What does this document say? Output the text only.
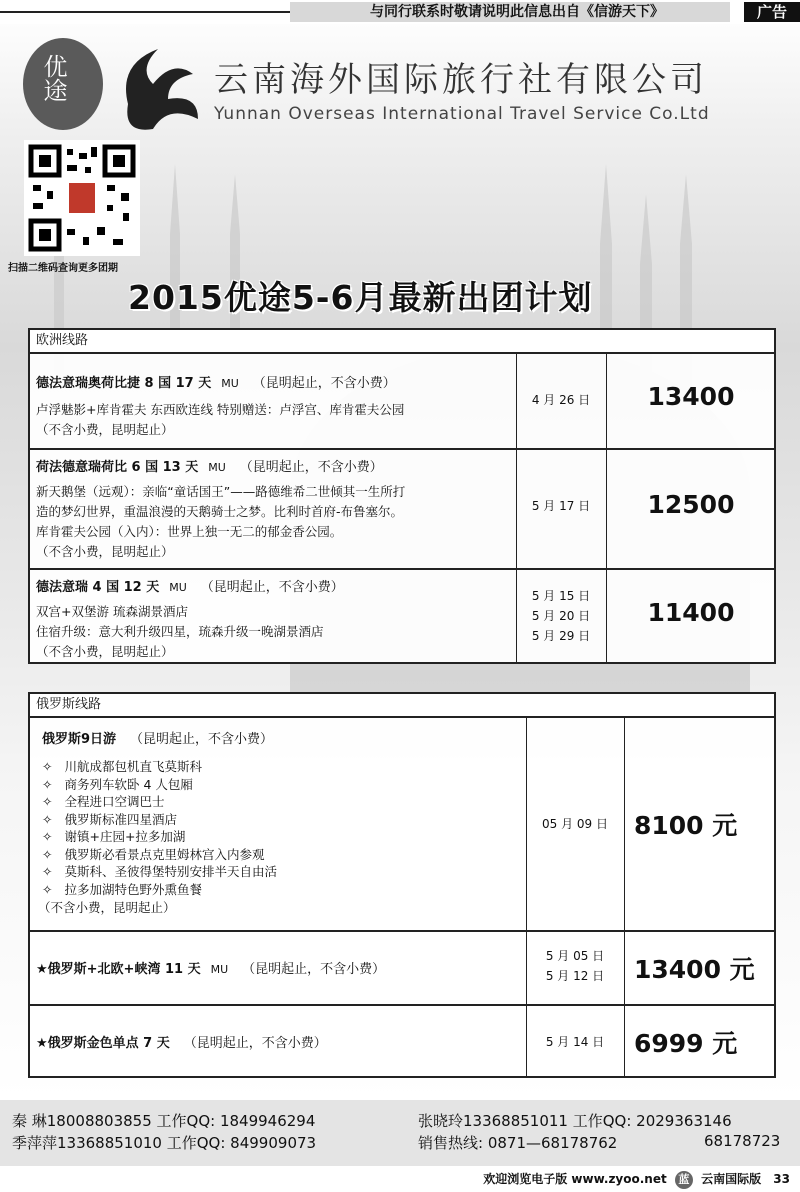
与同行联系时敬请说明此信息出自《信游天下》	广告
优途	云南海外国际旅行社有限公司
Yunnan Overseas International Travel Service Co.Ltd
扫描二维码查询更多团期
2015优途5-6月最新出团计划
欧洲线路
德法意瑞奥荷比捷 8 国 17 天 MU （昆明起止，不含小费）
卢浮魅影+库肯霍夫 东西欧连线 特别赠送：卢浮宫、库肯霍夫公园
（不含小费，昆明起止）
4 月 26 日	13400
荷法德意瑞荷比 6 国 13 天 MU （昆明起止，不含小费）
新天鹅堡（远观）：亲临“童话国王”——路德维希二世倾其一生所打
造的梦幻世界，重温浪漫的天鹅骑士之梦。比利时首府-布鲁塞尔。
库肯霍夫公园（入内）：世界上独一无二的郁金香公园。
（不含小费，昆明起止）
5 月 17 日	12500
德法意瑞 4 国 12 天 MU （昆明起止，不含小费）
双宫+双堡游 琉森湖景酒店
住宿升级：意大利升级四星，琉森升级一晚湖景酒店
（不含小费，昆明起止）
5 月 15 日
5 月 20 日
5 月 29 日
11400
俄罗斯线路
俄罗斯9日游 （昆明起止，不含小费）
✧ 川航成都包机直飞莫斯科
✧ 商务列车软卧 4 人包厢
✧ 全程进口空调巴士
✧ 俄罗斯标准四星酒店
✧ 谢镇+庄园+拉多加湖
✧ 俄罗斯必看景点克里姆林宫入内参观
✧ 莫斯科、圣彼得堡特别安排半天自由活
✧ 拉多加湖特色野外熏鱼餐
（不含小费，昆明起止）
05 月 09 日	8100 元
★俄罗斯+北欧+峡湾 11 天 MU （昆明起止，不含小费）
5 月 05 日
5 月 12 日	13400 元
★俄罗斯金色单点 7 天 （昆明起止，不含小费）	5 月 14 日	6999 元
秦 琳18008803855 工作QQ: 1849946294
季萍萍13368851010 工作QQ: 849909073
张晓玲13368851011 工作QQ: 2029363146
销售热线: 0871—68178762	68178723
欢迎浏览电子版 www.zyoo.net 蓝 云南国际版 33
